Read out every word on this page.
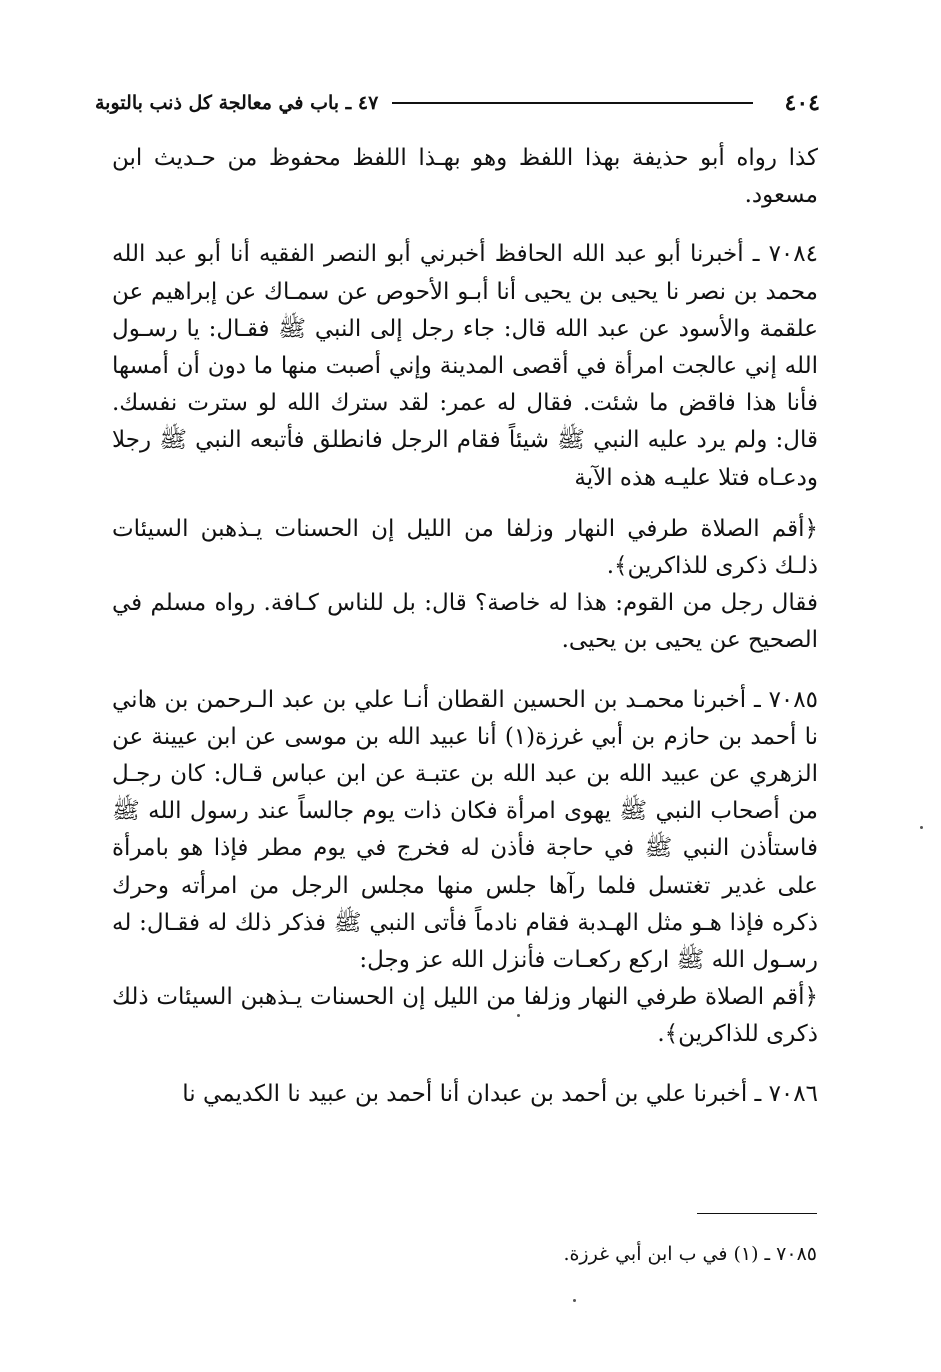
٤٠٤
٤٧ ـ باب في معالجة كل ذنب بالتوبة

كذا رواه أبو حذيفة بهذا اللفظ وهو بهـذا اللفظ محفوظ من حـديث ابن مسعود.

٧٠٨٤ ـ أخبرنا أبو عبد الله الحافظ أخبرني أبو النصر الفقيه أنا أبو عبد الله محمد بن نصر نا يحيى بن يحيى أنا أبـو الأحوص عن سمـاك عن إبراهيم عن علقمة والأسود عن عبد الله قال: جاء رجل إلى النبي ﷺ فقـال: يا رسـول الله إني عالجت امرأة في أقصى المدينة وإني أصبت منها ما دون أن أمسها فأنا هذا فاقض ما شئت. فقال له عمر: لقد سترك الله لو سترت نفسك. قال: ولم يرد عليه النبي ﷺ شيئاً فقام الرجل فانطلق فأتبعه النبي ﷺ رجلا ودعـاه فتلا عليـه هذه الآية

﴿أقم الصلاة طرفي النهار وزلفا من الليل إن الحسنات يـذهبن السيئات ذلـك ذكرى للذاكرين﴾.

فقال رجل من القوم: هذا له خاصة؟ قال: بل للناس كـافة. رواه مسلم في الصحيح عن يحيى بن يحيى.

٧٠٨٥ ـ أخبرنا محمـد بن الحسين القطان أنـا علي بن عبد الـرحمن بن هاني نا أحمد بن حازم بن أبي غرزة(١) أنا عبيد الله بن موسى عن ابن عيينة عن الزهري عن عبيد الله بن عبد الله بن عتبـة عن ابن عباس قـال: كان رجـل من أصحاب النبي ﷺ يهوى امرأة فكان ذات يوم جالساً عند رسول الله ﷺ فاستأذن النبي ﷺ في حاجة فأذن له فخرج في يوم مطر فإذا هو بامرأة على غدير تغتسل فلما رآها جلس منها مجلس الرجل من امرأته وحرك ذكره فإذا هـو مثل الهـدبة فقام نادماً فأتى النبي ﷺ فذكر ذلك له فقـال: له رسـول الله ﷺ اركع ركعـات فأنزل الله عز وجل:

﴿أقم الصلاة طرفي النهار وزلفا من الليل إن الحسنات يـذهبن السيئات ذلك ذكرى للذاكرين﴾.

٧٠٨٦ ـ أخبرنا علي بن أحمد بن عبدان أنا أحمد بن عبيد نا الكديمي نا

٧٠٨٥ ـ (١) في ب ابن أبي غرزة.
